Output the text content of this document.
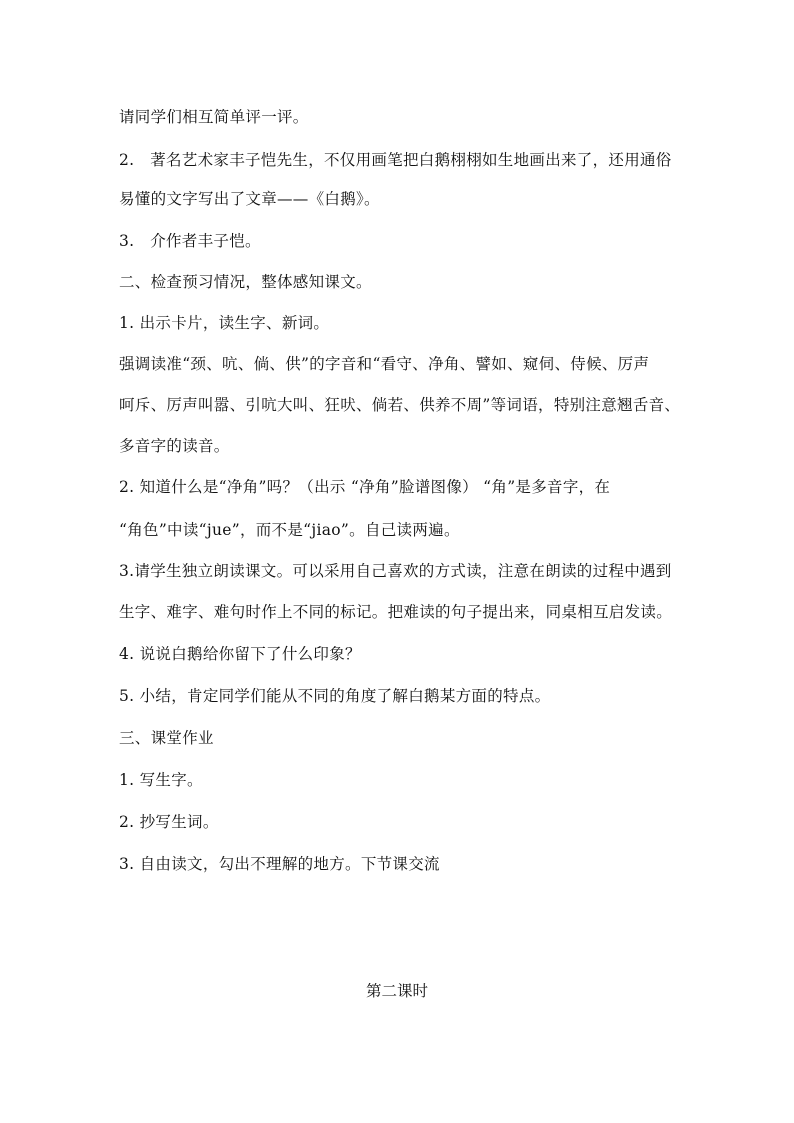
请同学们相互简单评一评。
2.　著名艺术家丰子恺先生，不仅用画笔把白鹅栩栩如生地画出来了，还用通俗
易懂的文字写出了文章——《白鹅》。
3.　介作者丰子恺。
二、检查预习情况，整体感知课文。
1. 出示卡片，读生字、新词。
强调读准“颈、吭、倘、供”的字音和“看守、净角、譬如、窥伺、侍候、厉声
呵斥、厉声叫嚣、引吭大叫、狂吠、倘若、供养不周”等词语，特别注意翘舌音、
多音字的读音。
2. 知道什么是“净角”吗？（出示 “净角”脸谱图像） “角”是多音字，在
“角色”中读“jue”，而不是“jiao”。自己读两遍。
3.请学生独立朗读课文。可以采用自己喜欢的方式读，注意在朗读的过程中遇到
生字、难字、难句时作上不同的标记。把难读的句子提出来，同桌相互启发读。
4. 说说白鹅给你留下了什么印象？
5. 小结，肯定同学们能从不同的角度了解白鹅某方面的特点。
三、课堂作业
1. 写生字。
2. 抄写生词。
3. 自由读文，勾出不理解的地方。下节课交流
第二课时
